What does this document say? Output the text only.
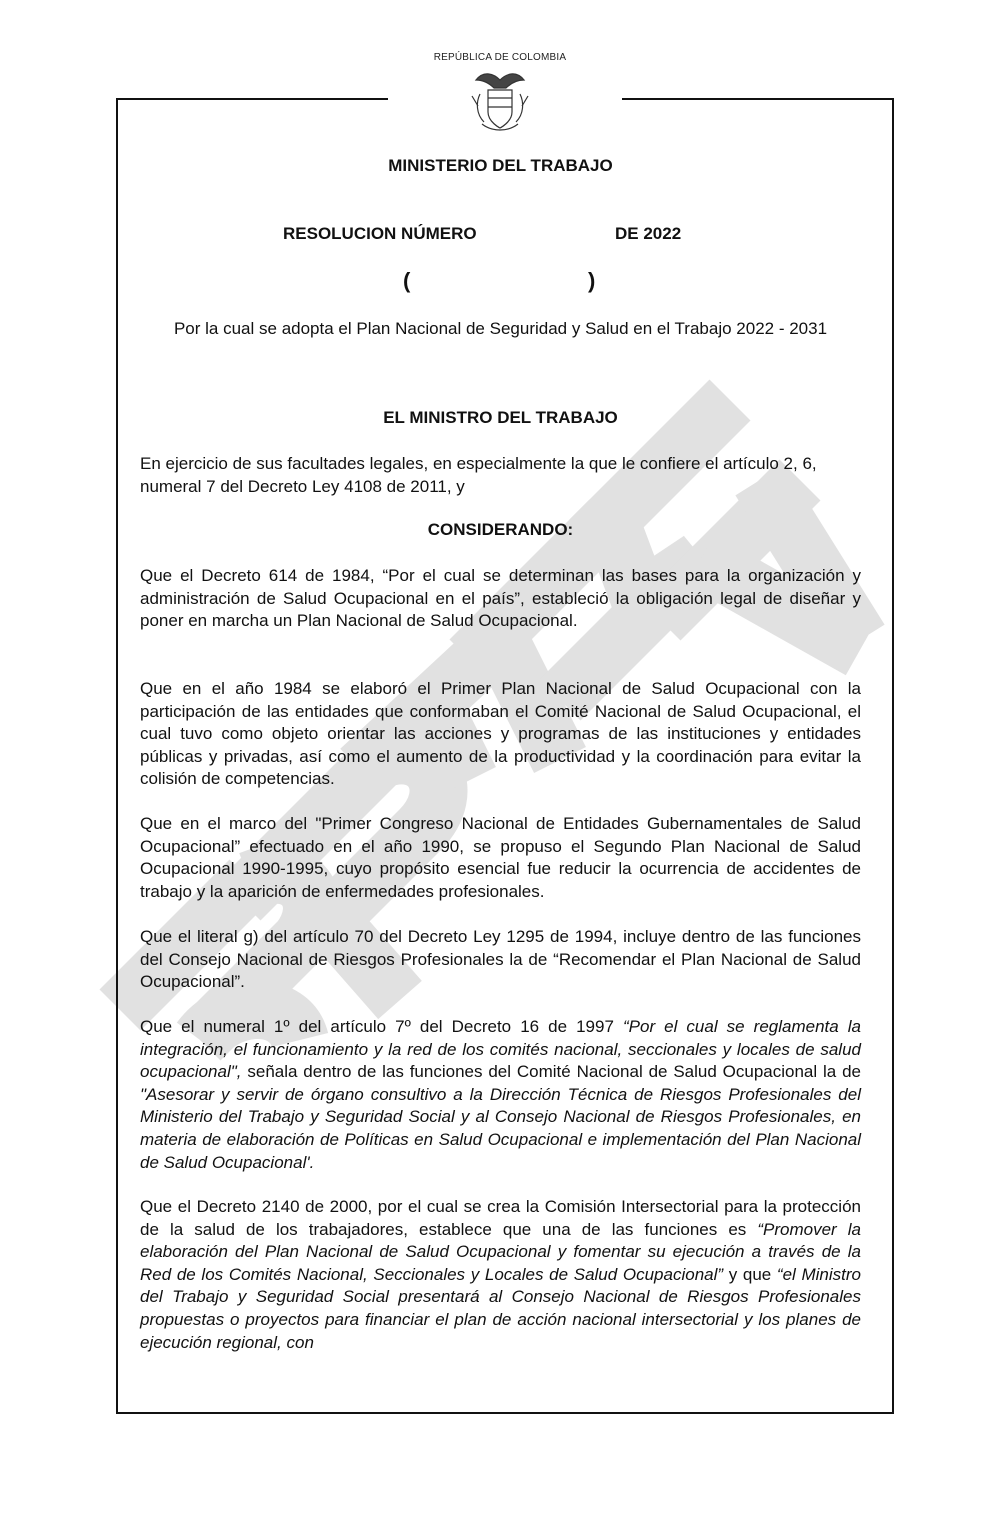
REPÚBLICA DE COLOMBIA
MINISTERIO DEL TRABAJO
RESOLUCION NÚMERO	DE 2022
(	)

Por la cual se adopta el Plan Nacional de Seguridad y Salud en el Trabajo 2022 - 2031

EL MINISTRO DEL TRABAJO

En ejercicio de sus facultades legales, en especialmente la que le confiere el artículo 2, 6, numeral 7 del Decreto Ley 4108 de 2011, y

CONSIDERANDO:

Que el Decreto 614 de 1984, “Por el cual se determinan las bases para la organización y administración de Salud Ocupacional en el país”, estableció la obligación legal de diseñar y poner en marcha un Plan Nacional de Salud Ocupacional.

Que en el año 1984 se elaboró el Primer Plan Nacional de Salud Ocupacional con la participación de las entidades que conformaban el Comité Nacional de Salud Ocupacional, el cual tuvo como objeto orientar las acciones y programas de las instituciones y entidades públicas y privadas, así como el aumento de la productividad y la coordinación para evitar la colisión de competencias.

Que en el marco del "Primer Congreso Nacional de Entidades Gubernamentales de Salud Ocupacional” efectuado en el año 1990, se propuso el Segundo Plan Nacional de Salud Ocupacional 1990-1995, cuyo propósito esencial fue reducir la ocurrencia de accidentes de trabajo y la aparición de enfermedades profesionales.

Que el literal g) del artículo 70 del Decreto Ley 1295 de 1994, incluye dentro de las funciones del Consejo Nacional de Riesgos Profesionales la de “Recomendar el Plan Nacional de Salud Ocupacional”.

Que el numeral 1º del artículo 7º del Decreto 16 de 1997 “Por el cual se reglamenta la integración, el funcionamiento y la red de los comités nacional, seccionales y locales de salud ocupacional", señala dentro de las funciones del Comité Nacional de Salud Ocupacional la de "Asesorar y servir de órgano consultivo a la Dirección Técnica de Riesgos Profesionales del Ministerio del Trabajo y Seguridad Social y al Consejo Nacional de Riesgos Profesionales, en materia de elaboración de Políticas en Salud Ocupacional e implementación del Plan Nacional de Salud Ocupacional'.

Que el Decreto 2140 de 2000, por el cual se crea la Comisión Intersectorial para la protección de la salud de los trabajadores, establece que una de las funciones es “Promover la elaboración del Plan Nacional de Salud Ocupacional y fomentar su ejecución a través de la Red de los Comités Nacional, Seccionales y Locales de Salud Ocupacional” y que “el Ministro del Trabajo y Seguridad Social presentará al Consejo Nacional de Riesgos Profesionales propuestas o proyectos para financiar el plan de acción nacional intersectorial y los planes de ejecución regional, con
